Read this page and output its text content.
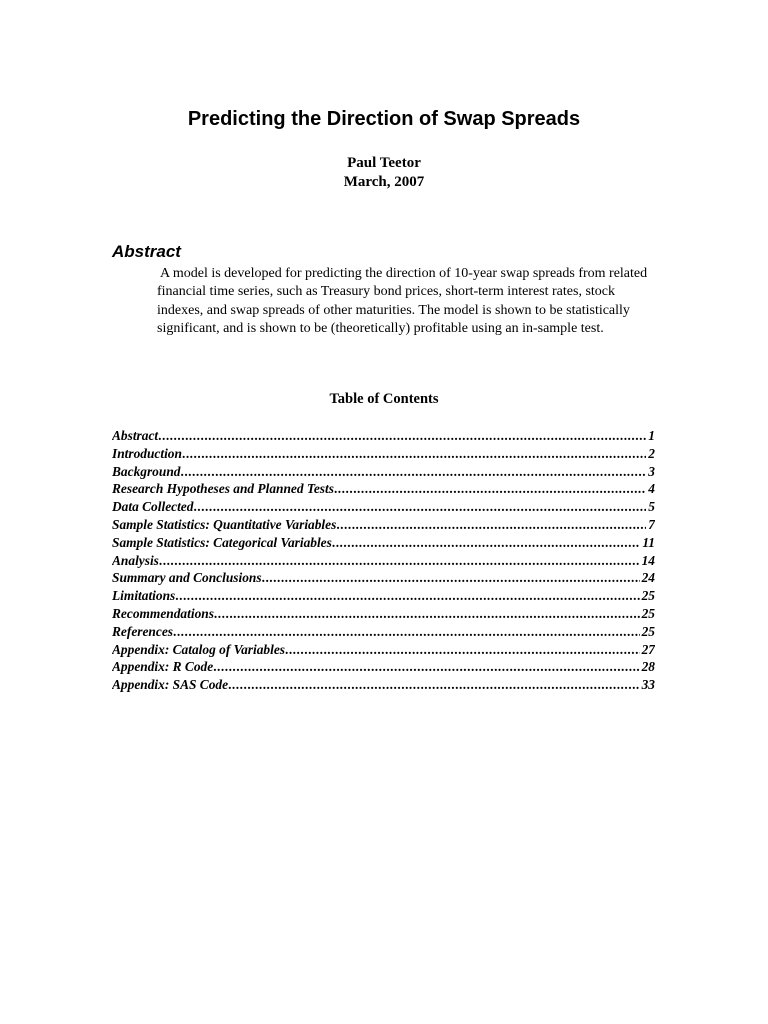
Predicting the Direction of Swap Spreads
Paul Teetor
March, 2007
Abstract
A model is developed for predicting the direction of 10-year swap spreads from related financial time series, such as Treasury bond prices, short-term interest rates, stock indexes, and swap spreads of other maturities. The model is shown to be statistically significant, and is shown to be (theoretically) profitable using an in-sample test.
Table of Contents
Abstract .....	1
Introduction .....	2
Background .....	3
Research Hypotheses and Planned Tests .....	4
Data Collected .....	5
Sample Statistics: Quantitative Variables .....	7
Sample Statistics: Categorical Variables .....	11
Analysis .....	14
Summary and Conclusions .....	24
Limitations .....	25
Recommendations .....	25
References .....	25
Appendix: Catalog of Variables .....	27
Appendix: R Code .....	28
Appendix: SAS Code .....	33
